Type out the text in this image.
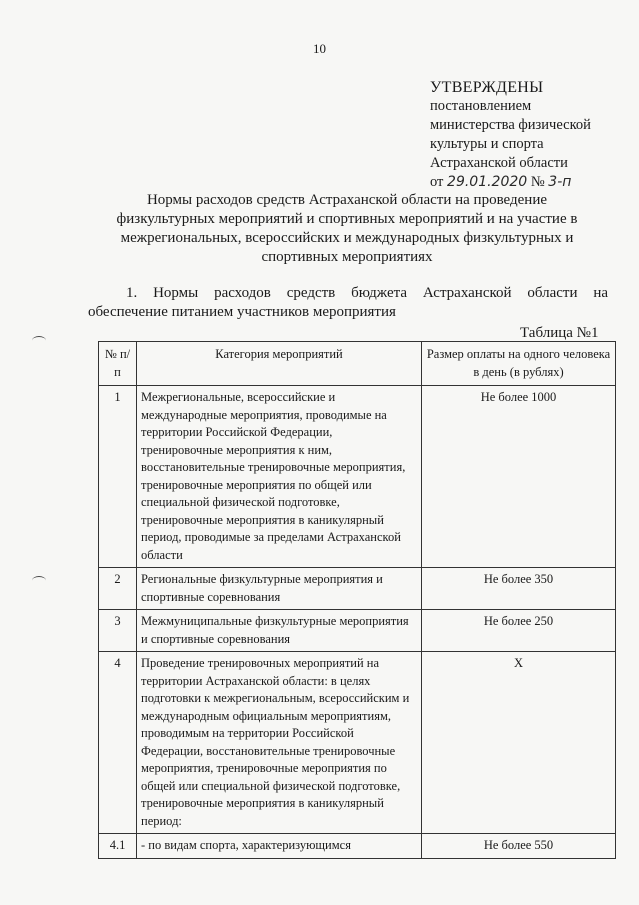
10
УТВЕРЖДЕНЫ
постановлением
министерства физической
культуры и спорта
Астраханской области
от 29.01.2020 № 3-п
Нормы расходов средств Астраханской области на проведение физкультурных мероприятий и спортивных мероприятий и на участие в межрегиональных, всероссийских и международных физкультурных и спортивных мероприятиях
1. Нормы расходов средств бюджета Астраханской области на
обеспечение питанием участников мероприятия
Таблица №1
№ п/п	Категория мероприятий	Размер оплаты на одного человека в день (в рублях)
1	Межрегиональные, всероссийские и международные мероприятия, проводимые на территории Российской Федерации, тренировочные мероприятия к ним, восстановительные тренировочные мероприятия, тренировочные мероприятия по общей или специальной физической подготовке, тренировочные мероприятия в каникулярный период, проводимые за пределами Астраханской области	Не более 1000
2	Региональные физкультурные мероприятия и спортивные соревнования	Не более 350
3	Межмуниципальные физкультурные мероприятия и спортивные соревнования	Не более 250
4	Проведение тренировочных мероприятий на территории Астраханской области: в целях подготовки к межрегиональным, всероссийским и международным официальным мероприятиям, проводимым на территории Российской Федерации, восстановительные тренировочные мероприятия, тренировочные мероприятия по общей или специальной физической подготовке, тренировочные мероприятия в каникулярный период:	Х
4.1	- по видам спорта, характеризующимся	Не более 550
